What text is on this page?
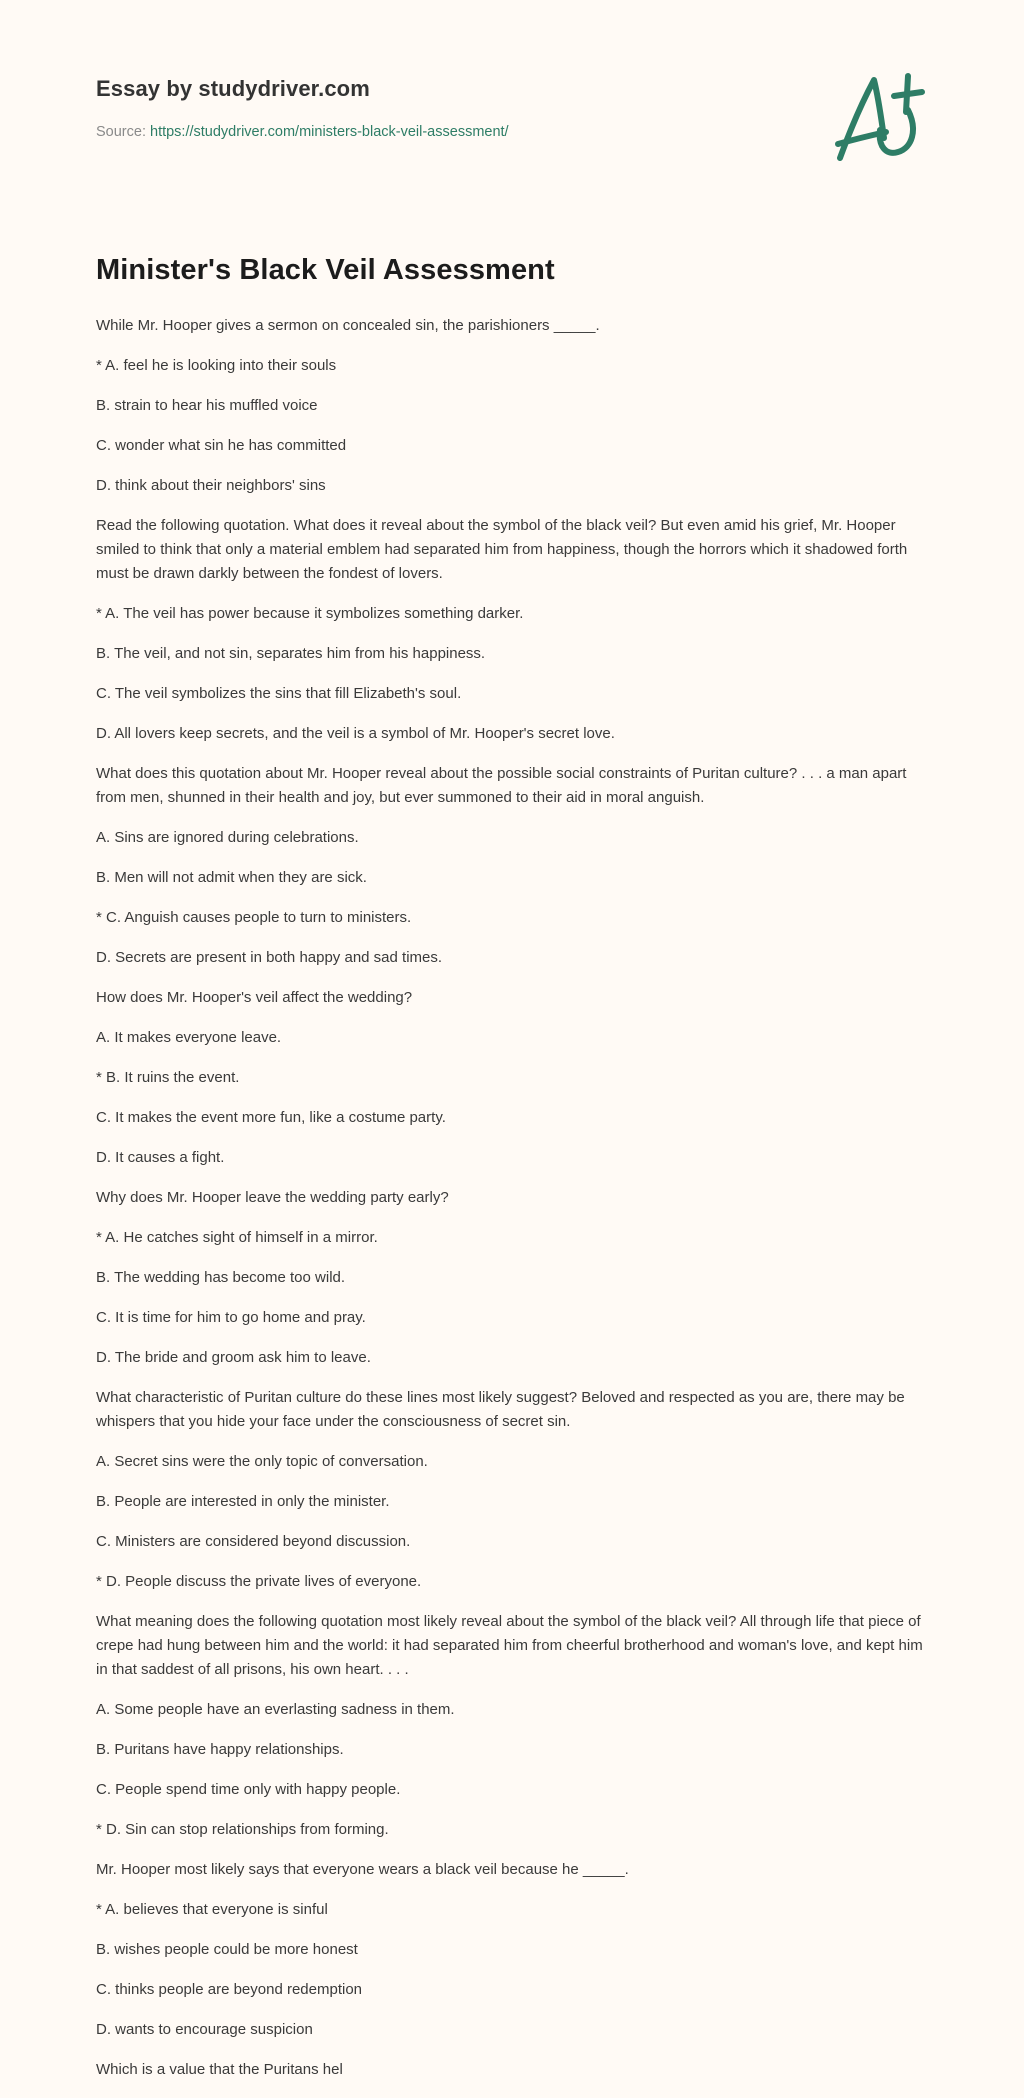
Essay by studydriver.com
Source: https://studydriver.com/ministers-black-veil-assessment/
Minister's Black Veil Assessment

While Mr. Hooper gives a sermon on concealed sin, the parishioners _____.

* A. feel he is looking into their souls

B. strain to hear his muffled voice

C. wonder what sin he has committed

D. think about their neighbors' sins

Read the following quotation. What does it reveal about the symbol of the black veil? But even amid his grief, Mr. Hooper smiled to think that only a material emblem had separated him from happiness, though the horrors which it shadowed forth must be drawn darkly between the fondest of lovers.

* A. The veil has power because it symbolizes something darker.

B. The veil, and not sin, separates him from his happiness.

C. The veil symbolizes the sins that fill Elizabeth's soul.

D. All lovers keep secrets, and the veil is a symbol of Mr. Hooper's secret love.

What does this quotation about Mr. Hooper reveal about the possible social constraints of Puritan culture? . . . a man apart from men, shunned in their health and joy, but ever summoned to their aid in moral anguish.

A. Sins are ignored during celebrations.

B. Men will not admit when they are sick.

* C. Anguish causes people to turn to ministers.

D. Secrets are present in both happy and sad times.

How does Mr. Hooper's veil affect the wedding?

A. It makes everyone leave.

* B. It ruins the event.

C. It makes the event more fun, like a costume party.

D. It causes a fight.

Why does Mr. Hooper leave the wedding party early?

* A. He catches sight of himself in a mirror.

B. The wedding has become too wild.

C. It is time for him to go home and pray.

D. The bride and groom ask him to leave.

What characteristic of Puritan culture do these lines most likely suggest? Beloved and respected as you are, there may be whispers that you hide your face under the consciousness of secret sin.

A. Secret sins were the only topic of conversation.

B. People are interested in only the minister.

C. Ministers are considered beyond discussion.

* D. People discuss the private lives of everyone.

What meaning does the following quotation most likely reveal about the symbol of the black veil? All through life that piece of crepe had hung between him and the world: it had separated him from cheerful brotherhood and woman's love, and kept him in that saddest of all prisons, his own heart. . . .

A. Some people have an everlasting sadness in them.

B. Puritans have happy relationships.

C. People spend time only with happy people.

* D. Sin can stop relationships from forming.

Mr. Hooper most likely says that everyone wears a black veil because he _____.

* A. believes that everyone is sinful

B. wishes people could be more honest

C. thinks people are beyond redemption

D. wants to encourage suspicion

Which is a value that the Puritans hel
